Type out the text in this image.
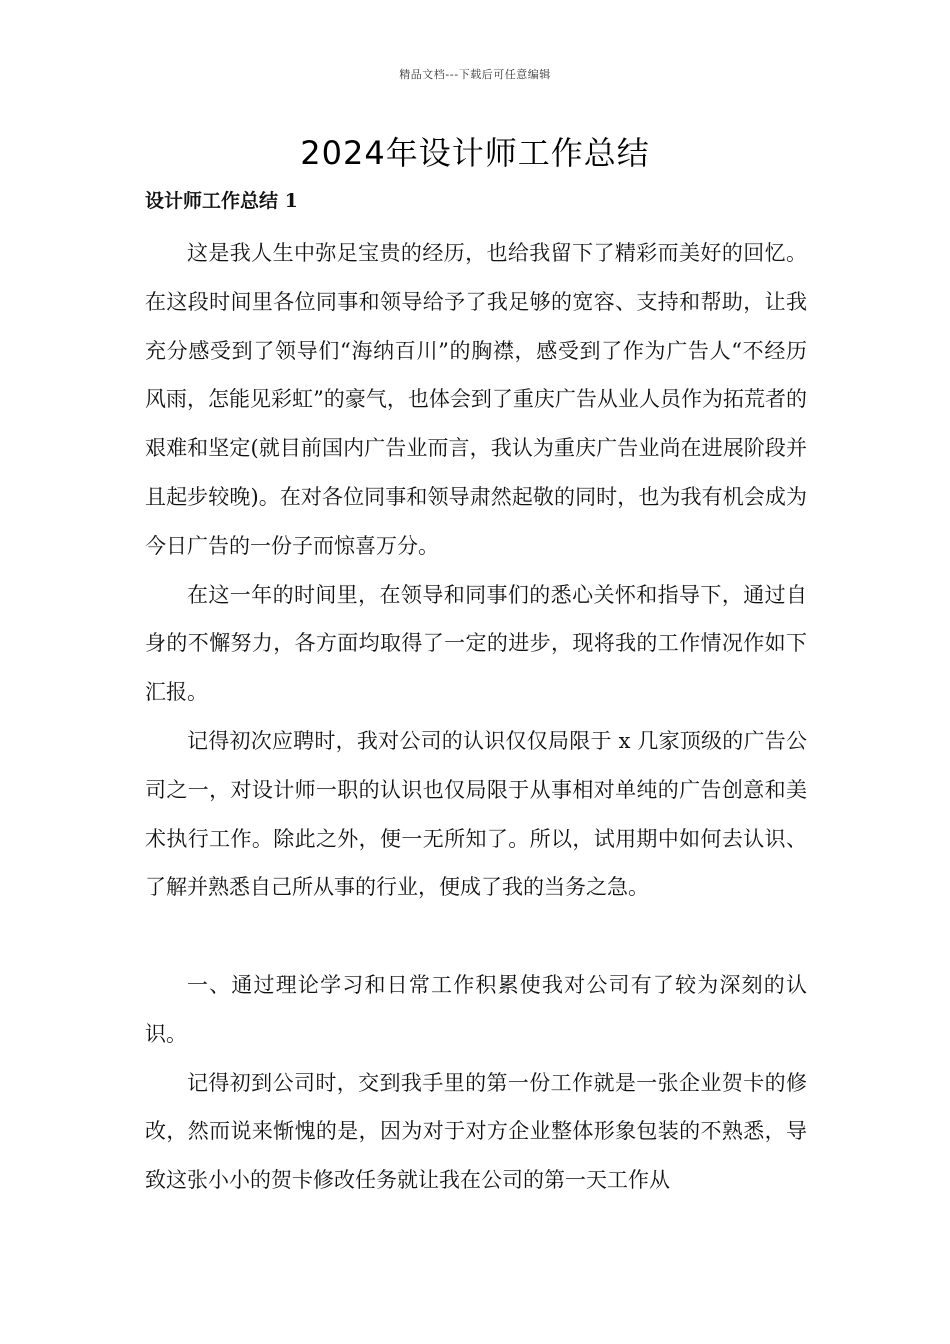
精品文档---下载后可任意编辑
2024年设计师工作总结
设计师工作总结 1

这是我人生中弥足宝贵的经历，也给我留下了精彩而美好的回忆。在这段时间里各位同事和领导给予了我足够的宽容、支持和帮助，让我充分感受到了领导们“海纳百川”的胸襟，感受到了作为广告人“不经历风雨，怎能见彩虹”的豪气，也体会到了重庆广告从业人员作为拓荒者的艰难和坚定(就目前国内广告业而言，我认为重庆广告业尚在进展阶段并且起步较晚)。在对各位同事和领导肃然起敬的同时，也为我有机会成为今日广告的一份子而惊喜万分。

在这一年的时间里，在领导和同事们的悉心关怀和指导下，通过自身的不懈努力，各方面均取得了一定的进步，现将我的工作情况作如下汇报。

记得初次应聘时，我对公司的认识仅仅局限于 x 几家顶级的广告公司之一，对设计师一职的认识也仅局限于从事相对单纯的广告创意和美术执行工作。除此之外，便一无所知了。所以，试用期中如何去认识、了解并熟悉自己所从事的行业，便成了我的当务之急。

一、通过理论学习和日常工作积累使我对公司有了较为深刻的认识。

记得初到公司时，交到我手里的第一份工作就是一张企业贺卡的修改，然而说来惭愧的是，因为对于对方企业整体形象包装的不熟悉，导致这张小小的贺卡修改任务就让我在公司的第一天工作从
